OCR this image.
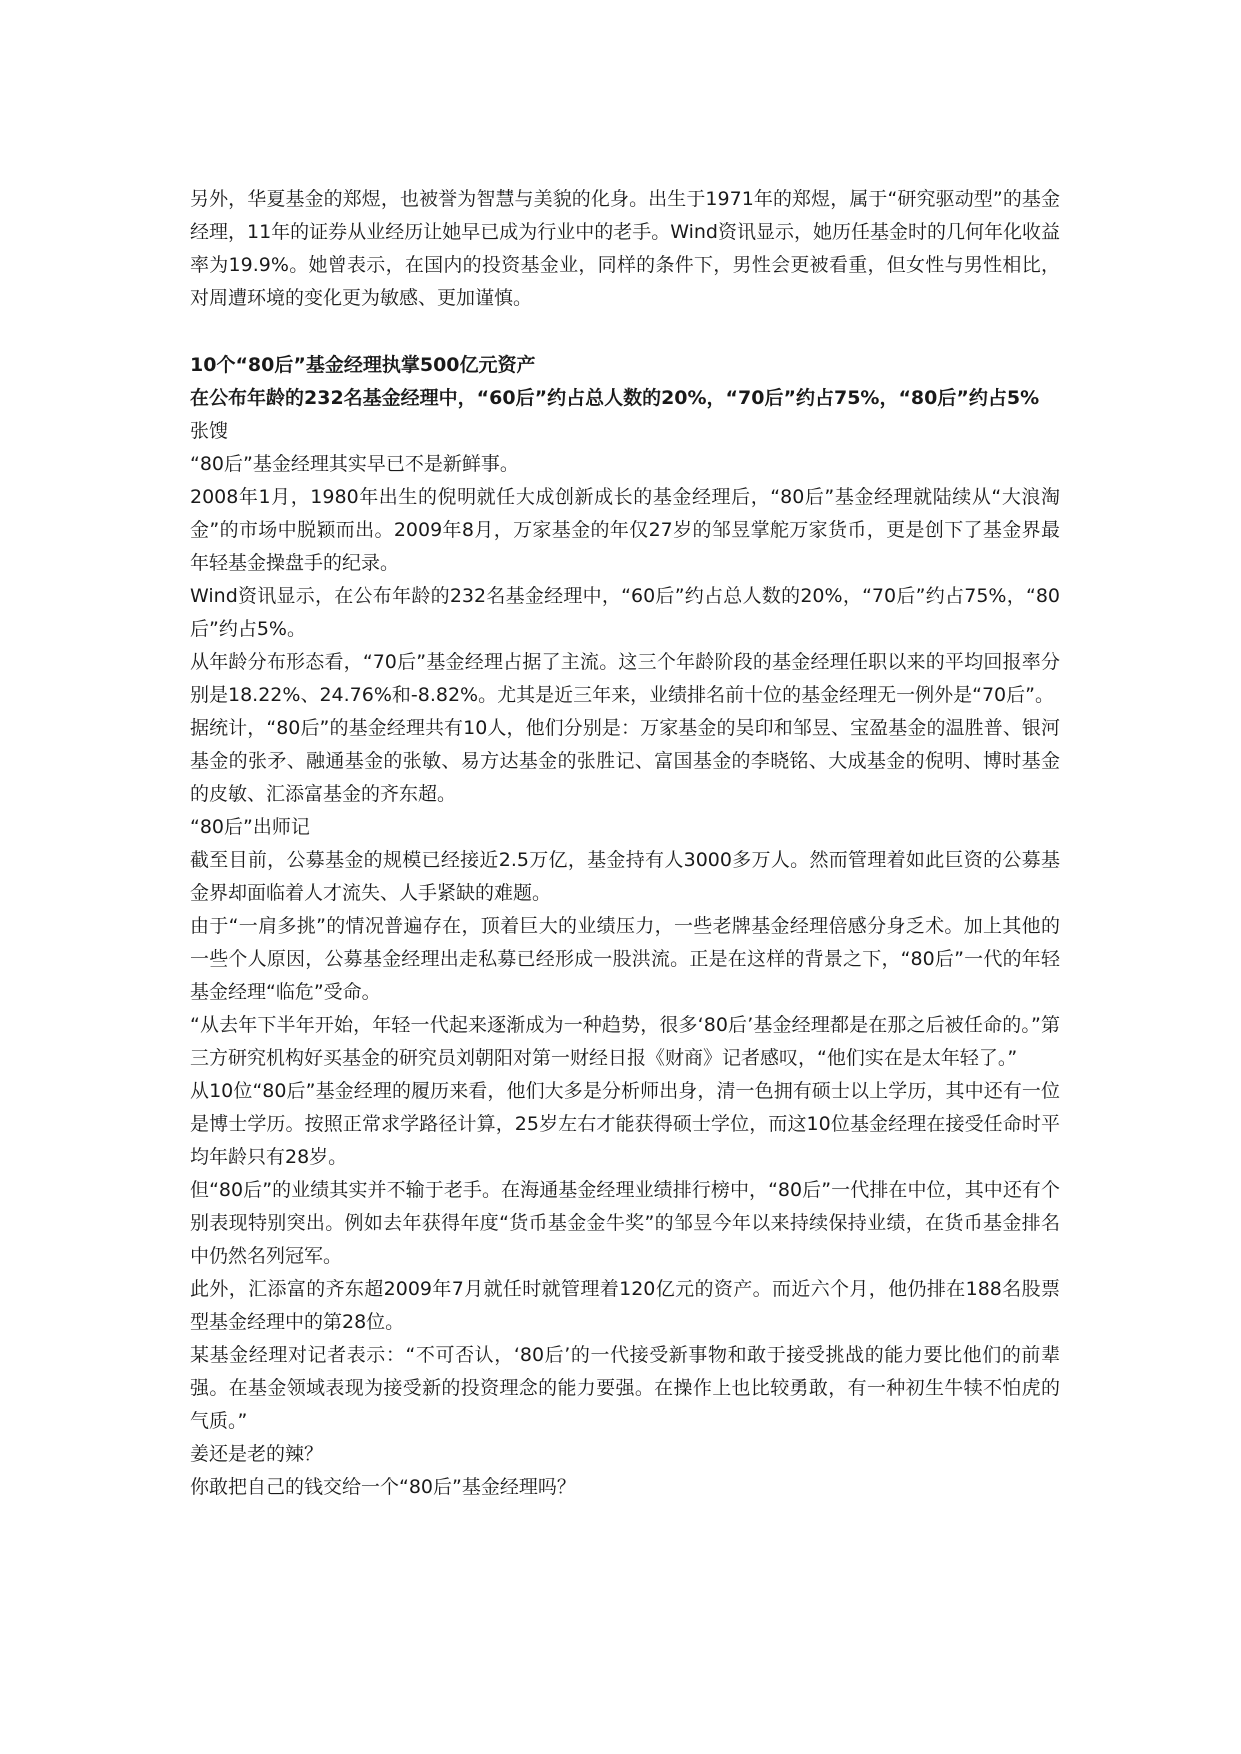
另外，华夏基金的郑煜，也被誉为智慧与美貌的化身。出生于1971年的郑煜，属于“研究驱动型”的基金经理，11年的证券从业经历让她早已成为行业中的老手。Wind资讯显示，她历任基金时的几何年化收益率为19.9%。她曾表示，在国内的投资基金业，同样的条件下，男性会更被看重，但女性与男性相比，对周遭环境的变化更为敏感、更加谨慎。

10个“80后”基金经理执掌500亿元资产

在公布年龄的232名基金经理中，“60后”约占总人数的20%，“70后”约占75%，“80后”约占5%

张馊

“80后”基金经理其实早已不是新鲜事。

2008年1月，1980年出生的倪明就任大成创新成长的基金经理后，“80后”基金经理就陆续从“大浪淘金”的市场中脱颖而出。2009年8月，万家基金的年仅27岁的邹昱掌舵万家货币，更是创下了基金界最年轻基金操盘手的纪录。

Wind资讯显示，在公布年龄的232名基金经理中，“60后”约占总人数的20%，“70后”约占75%，“80后”约占5%。

从年龄分布形态看，“70后”基金经理占据了主流。这三个年龄阶段的基金经理任职以来的平均回报率分别是18.22%、24.76%和-8.82%。尤其是近三年来，业绩排名前十位的基金经理无一例外是“70后”。

据统计，“80后”的基金经理共有10人，他们分别是：万家基金的吴印和邹昱、宝盈基金的温胜普、银河基金的张矛、融通基金的张敏、易方达基金的张胜记、富国基金的李晓铭、大成基金的倪明、博时基金的皮敏、汇添富基金的齐东超。

“80后”出师记

截至目前，公募基金的规模已经接近2.5万亿，基金持有人3000多万人。然而管理着如此巨资的公募基金界却面临着人才流失、人手紧缺的难题。

由于“一肩多挑”的情况普遍存在，顶着巨大的业绩压力，一些老牌基金经理倍感分身乏术。加上其他的一些个人原因，公募基金经理出走私募已经形成一股洪流。正是在这样的背景之下，“80后”一代的年轻基金经理“临危”受命。

“从去年下半年开始，年轻一代起来逐渐成为一种趋势，很多‘80后’基金经理都是在那之后被任命的。”第三方研究机构好买基金的研究员刘朝阳对第一财经日报《财商》记者感叹，“他们实在是太年轻了。”

从10位“80后”基金经理的履历来看，他们大多是分析师出身，清一色拥有硕士以上学历，其中还有一位是博士学历。按照正常求学路径计算，25岁左右才能获得硕士学位，而这10位基金经理在接受任命时平均年龄只有28岁。

但“80后”的业绩其实并不输于老手。在海通基金经理业绩排行榜中，“80后”一代排在中位，其中还有个别表现特别突出。例如去年获得年度“货币基金金牛奖”的邹昱今年以来持续保持业绩，在货币基金排名中仍然名列冠军。

此外，汇添富的齐东超2009年7月就任时就管理着120亿元的资产。而近六个月，他仍排在188名股票型基金经理中的第28位。

某基金经理对记者表示：“不可否认，‘80后’的一代接受新事物和敢于接受挑战的能力要比他们的前辈强。在基金领域表现为接受新的投资理念的能力要强。在操作上也比较勇敢，有一种初生牛犊不怕虎的气质。”

姜还是老的辣？

你敢把自己的钱交给一个“80后”基金经理吗？
